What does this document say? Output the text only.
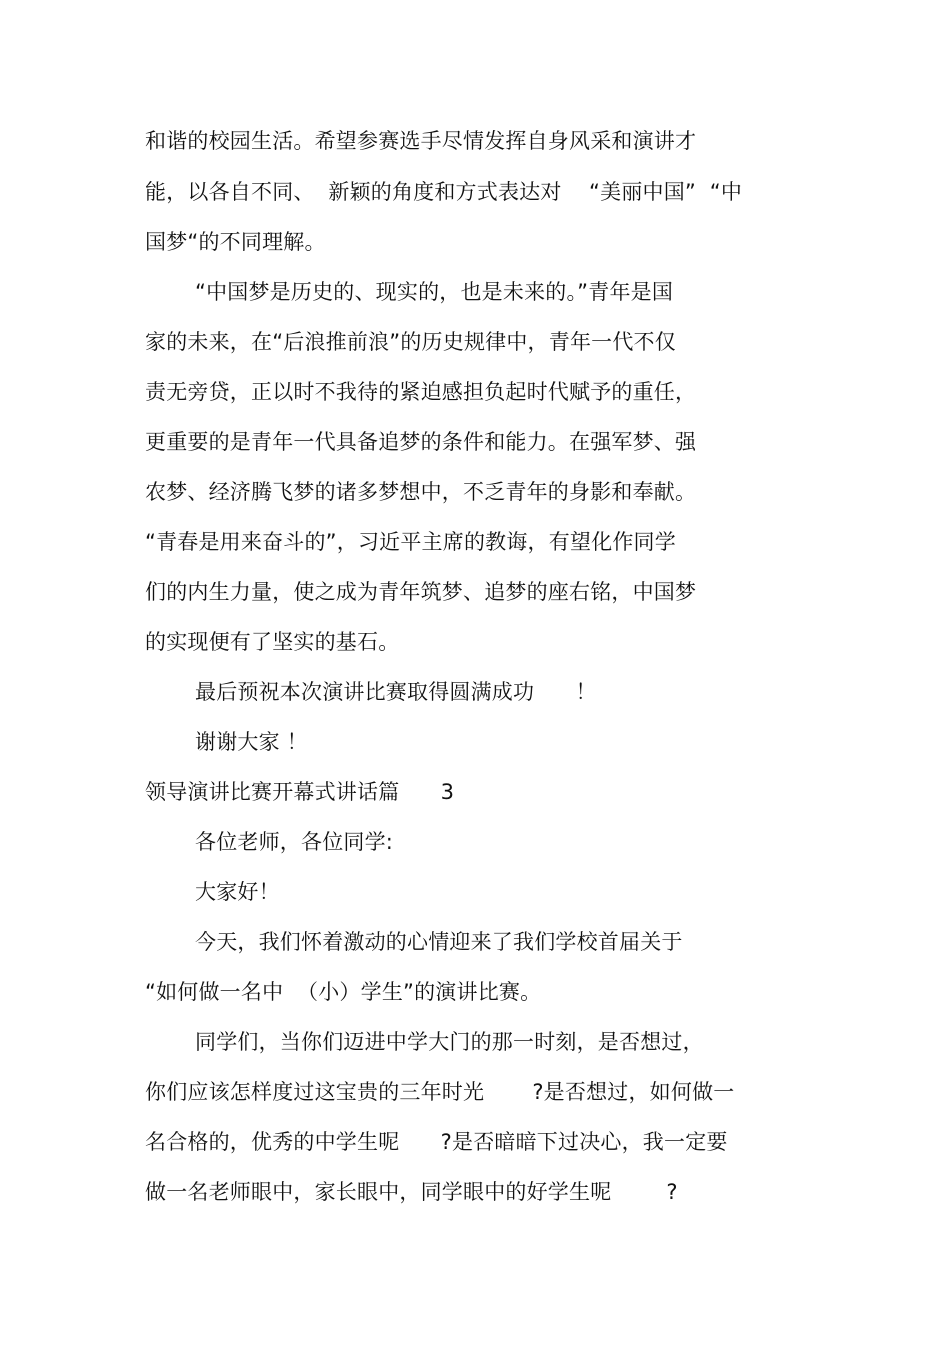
和谐的校园生活。希望参赛选手尽情发挥自身风采和演讲才
能，以各自不同、  新颖的角度和方式表达对    “美丽中国”  “中
国梦“的不同理解。
“中国梦是历史的、现实的，也是未来的。”青年是国
家的未来，在“后浪推前浪”的历史规律中，青年一代不仅
责无旁贷，正以时不我待的紧迫感担负起时代赋予的重任，
更重要的是青年一代具备追梦的条件和能力。在强军梦、强
农梦、经济腾飞梦的诸多梦想中，不乏青年的身影和奉献。
“青春是用来奋斗的”，习近平主席的教诲，有望化作同学
们的内生力量，使之成为青年筑梦、追梦的座右铭，中国梦
的实现便有了坚实的基石。
最后预祝本次演讲比赛取得圆满成功      ！
谢谢大家 ！
领导演讲比赛开幕式讲话篇      3
各位老师，各位同学:
大家好！
今天，我们怀着激动的心情迎来了我们学校首届关于
“如何做一名中  （小）学生”的演讲比赛。
同学们，当你们迈进中学大门的那一时刻，是否想过，
你们应该怎样度过这宝贵的三年时光       ?是否想过，如何做一
名合格的，优秀的中学生呢      ?是否暗暗下过决心，我一定要
做一名老师眼中，家长眼中，同学眼中的好学生呢        ?
